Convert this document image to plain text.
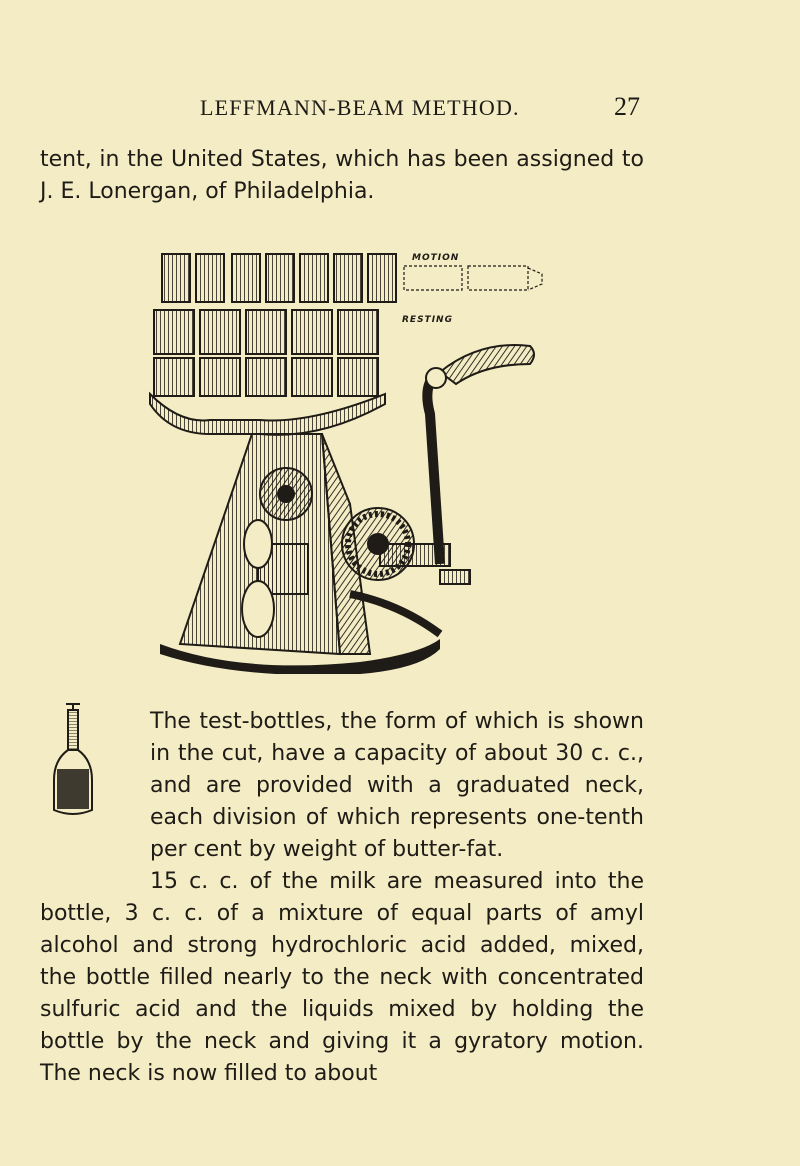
LEFFMANN-BEAM METHOD.	27

tent, in the United States, which has been assigned to J. E. Lonergan, of Philadelphia.

MOTION
RESTING

The test-bottles, the form of which is shown in the cut, have a capacity of about 30 c. c., and are provided with a graduated neck, each division of which represents one-tenth per cent by weight of butter-fat.

15 c. c. of the milk are measured into the bottle, 3 c. c. of a mixture of equal parts of amyl alcohol and strong hydrochloric acid added, mixed, the bottle filled nearly to the neck with concentrated sulfuric acid and the liquids mixed by holding the bottle by the neck and giving it a gyratory motion. The neck is now filled to about
